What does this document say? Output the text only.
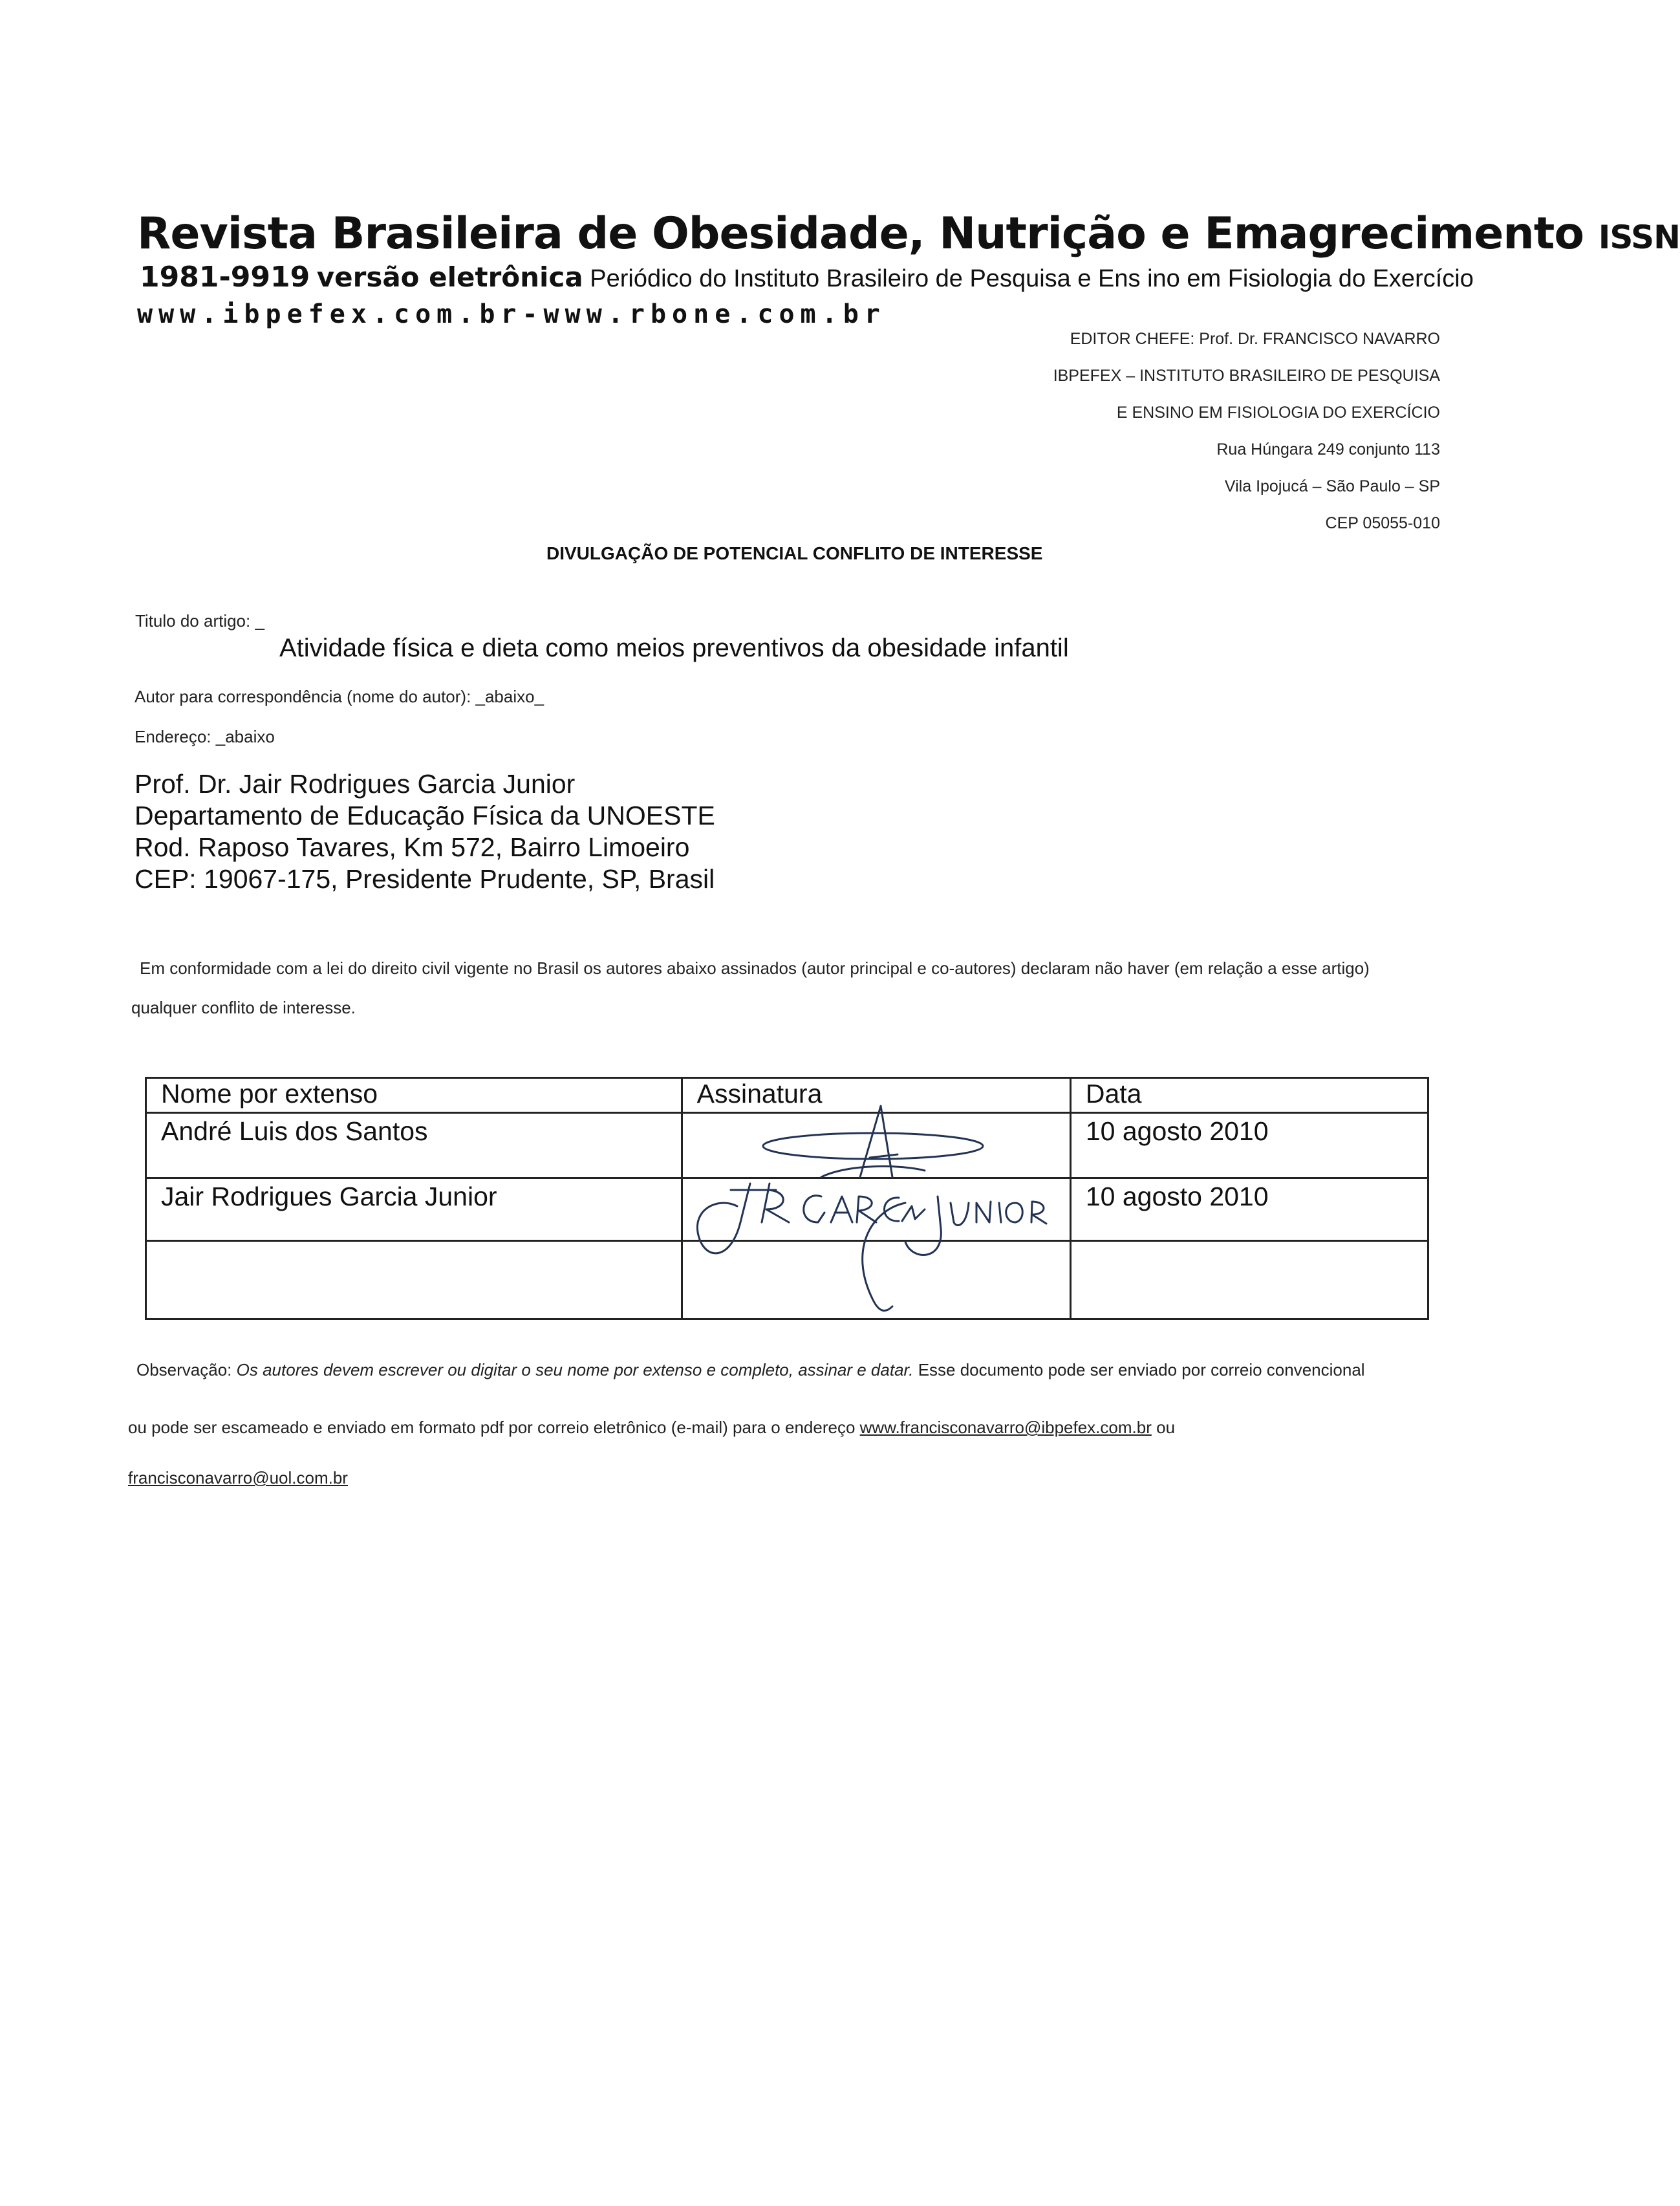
Revista Brasileira de Obesidade, Nutrição e Emagrecimento ISSN
1981-9919 versão eletrônica Periódico do Instituto Brasileiro de Pesquisa e Ens ino em Fisiologia do Exercício
www.ibpefex.com.br-www.rbone.com.br
EDITOR CHEFE: Prof. Dr. FRANCISCO NAVARRO
IBPEFEX – INSTITUTO BRASILEIRO DE PESQUISA
E ENSINO EM FISIOLOGIA DO EXERCÍCIO
Rua Húngara 249 conjunto 113
Vila Ipojucá – São Paulo – SP
CEP 05055-010
DIVULGAÇÃO DE POTENCIAL CONFLITO DE INTERESSE
Titulo do artigo: _
Atividade física e dieta como meios preventivos da obesidade infantil
Autor para correspondência (nome do autor): _abaixo_
Endereço: _abaixo
Prof. Dr. Jair Rodrigues Garcia Junior
Departamento de Educação Física da UNOESTE
Rod. Raposo Tavares, Km 572, Bairro Limoeiro
CEP: 19067-175, Presidente Prudente, SP, Brasil
Em conformidade com a lei do direito civil vigente no Brasil os autores abaixo assinados (autor principal e co-autores) declaram não haver (em relação a esse artigo)
qualquer conflito de interesse.
Nome por extenso	Assinatura	Data
André Luis dos Santos		10 agosto 2010
Jair Rodrigues Garcia Junior		10 agosto 2010

Observação: Os autores devem escrever ou digitar o seu nome por extenso e completo, assinar e datar. Esse documento pode ser enviado por correio convencional
ou pode ser escameado e enviado em formato pdf por correio eletrônico (e-mail) para o endereço www.francisconavarro@ibpefex.com.br ou
francisconavarro@uol.com.br
